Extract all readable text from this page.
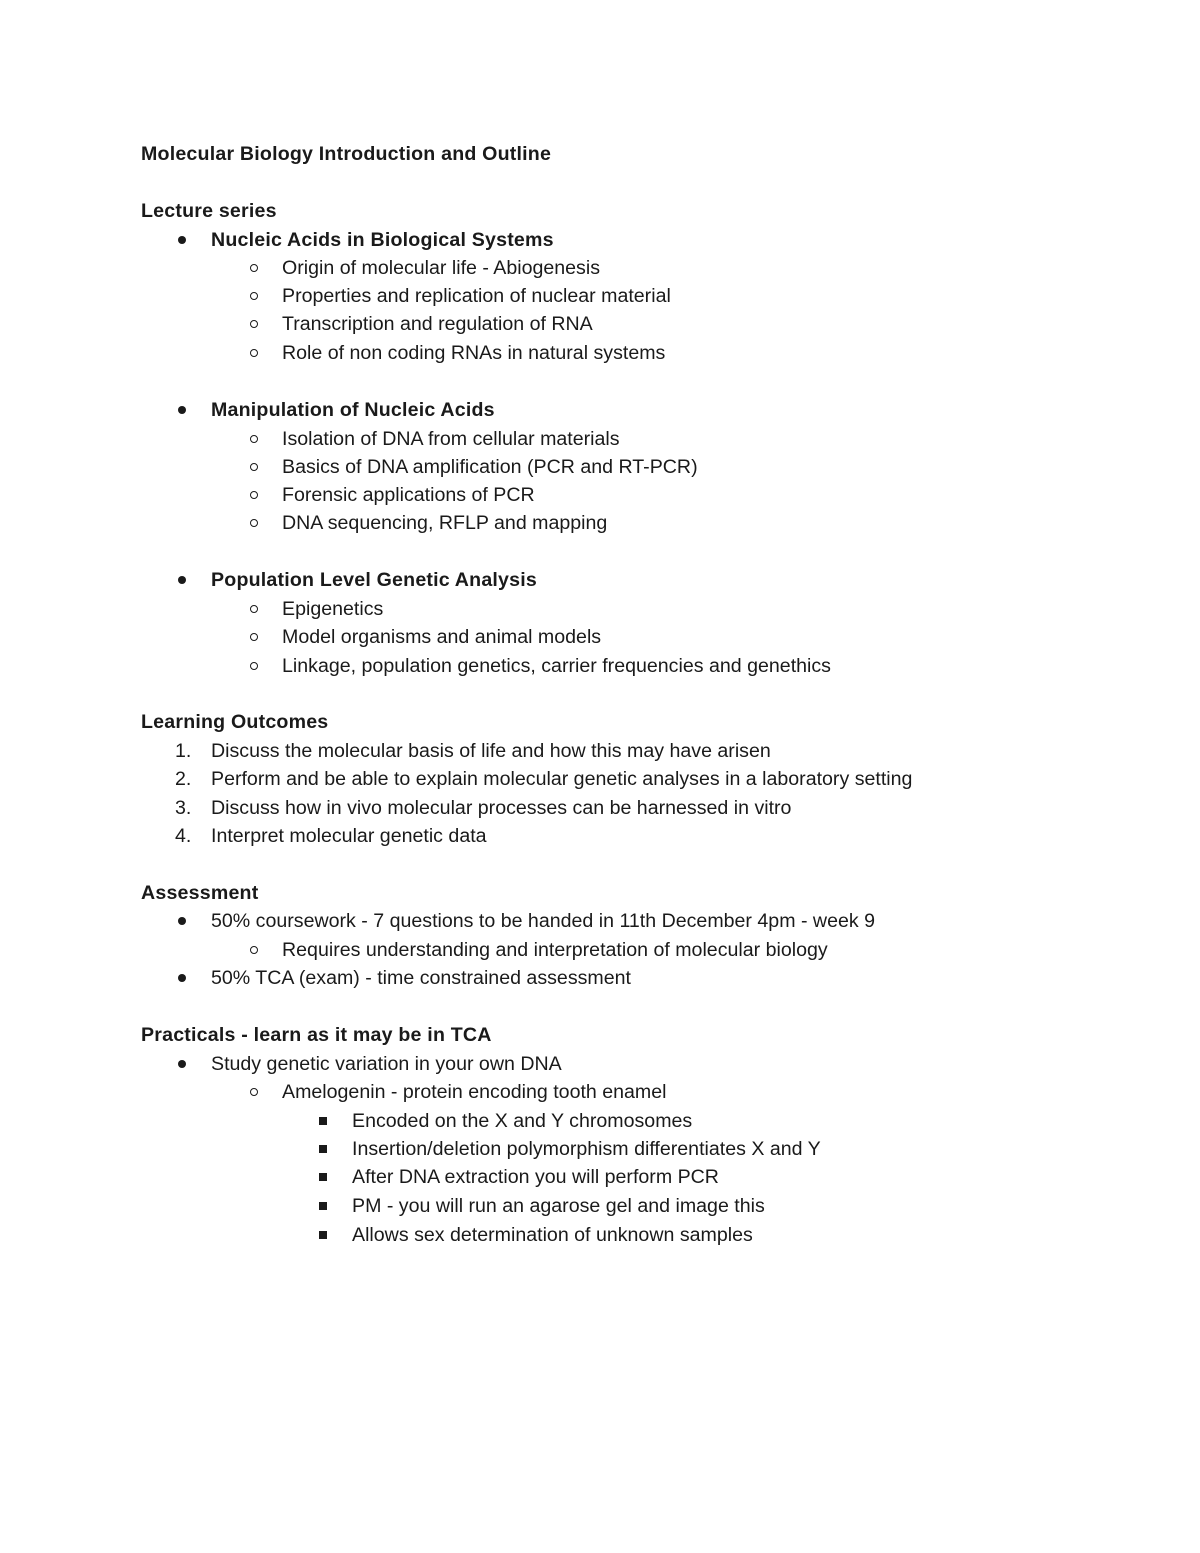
Molecular Biology Introduction and Outline
Lecture series
Nucleic Acids in Biological Systems
Origin of molecular life - Abiogenesis
Properties and replication of nuclear material
Transcription and regulation of RNA
Role of non coding RNAs in natural systems
Manipulation of Nucleic Acids
Isolation of DNA from cellular materials
Basics of DNA amplification (PCR and RT-PCR)
Forensic applications of PCR
DNA sequencing, RFLP and mapping
Population Level Genetic Analysis
Epigenetics
Model organisms and animal models
Linkage, population genetics, carrier frequencies and genethics
Learning Outcomes
1. Discuss the molecular basis of life and how this may have arisen
2. Perform and be able to explain molecular genetic analyses in a laboratory setting
3. Discuss how in vivo molecular processes can be harnessed in vitro
4. Interpret molecular genetic data
Assessment
50% coursework - 7 questions to be handed in 11th December 4pm - week 9
Requires understanding and interpretation of molecular biology
50% TCA (exam) - time constrained assessment
Practicals - learn as it may be in TCA
Study genetic variation in your own DNA
Amelogenin - protein encoding tooth enamel
Encoded on the X and Y chromosomes
Insertion/deletion polymorphism differentiates X and Y
After DNA extraction you will perform PCR
PM - you will run an agarose gel and image this
Allows sex determination of unknown samples
